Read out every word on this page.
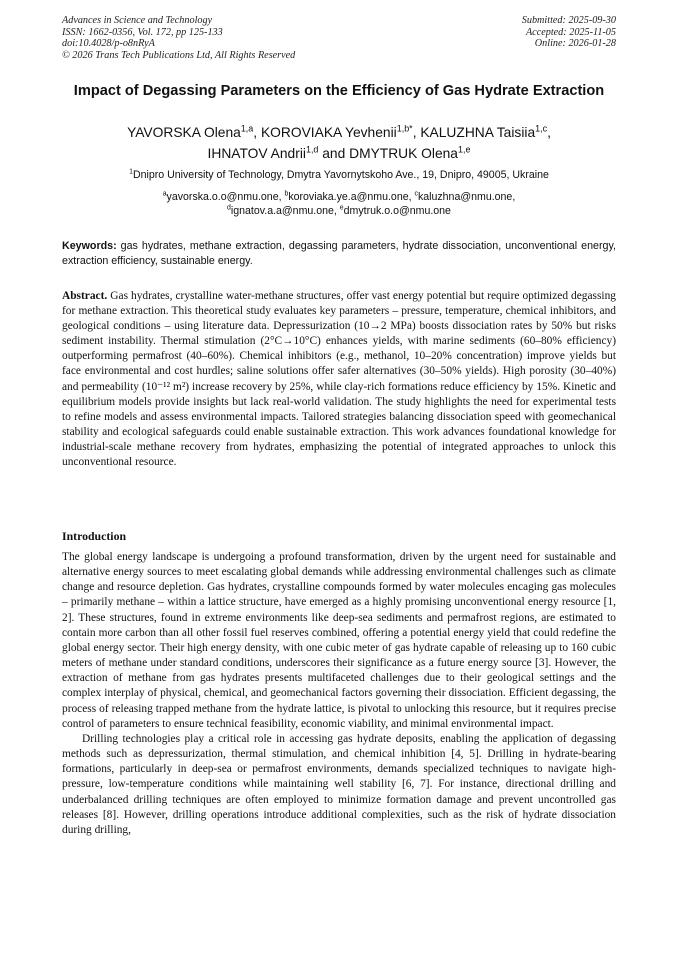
Advances in Science and Technology
ISSN: 1662-0356, Vol. 172, pp 125-133
doi:10.4028/p-o8nRyA
© 2026 Trans Tech Publications Ltd, All Rights Reserved
Submitted: 2025-09-30
Accepted: 2025-11-05
Online: 2026-01-28
Impact of Degassing Parameters on the Efficiency of Gas Hydrate Extraction
YAVORSKA Olena$^{1,a}$, KOROVIAKA Yevhenii$^{1,b*}$, KALUZHNA Taisiia$^{1,c}$,
IHNATOV Andrii$^{1,d}$ and DMYTRUK Olena$^{1,e}$
$^1$Dnipro University of Technology, Dmytra Yavornytskoho Ave., 19, Dnipro, 49005, Ukraine
$^a$yavorska.o.o@nmu.one, $^b$koroviaka.ye.a@nmu.one, $^c$kaluzhna@nmu.one,
$^d$ignatov.a.a@nmu.one, $^e$dmytruk.o.o@nmu.one
Keywords: gas hydrates, methane extraction, degassing parameters, hydrate dissociation, unconventional energy, extraction efficiency, sustainable energy.
Abstract. Gas hydrates, crystalline water-methane structures, offer vast energy potential but require optimized degassing for methane extraction. This theoretical study evaluates key parameters – pressure, temperature, chemical inhibitors, and geological conditions – using literature data. Depressurization (10→2 MPa) boosts dissociation rates by 50% but risks sediment instability. Thermal stimulation (2°C→10°C) enhances yields, with marine sediments (60–80% efficiency) outperforming permafrost (40–60%). Chemical inhibitors (e.g., methanol, 10–20% concentration) improve yields but face environmental and cost hurdles; saline solutions offer safer alternatives (30–50% yields). High porosity (30–40%) and permeability (10⁻¹² m²) increase recovery by 25%, while clay-rich formations reduce efficiency by 15%. Kinetic and equilibrium models provide insights but lack real-world validation. The study highlights the need for experimental tests to refine models and assess environmental impacts. Tailored strategies balancing dissociation speed with geomechanical stability and ecological safeguards could enable sustainable extraction. This work advances foundational knowledge for industrial-scale methane recovery from hydrates, emphasizing the potential of integrated approaches to unlock this unconventional resource.
Introduction

The global energy landscape is undergoing a profound transformation, driven by the urgent need for sustainable and alternative energy sources to meet escalating global demands while addressing environmental challenges such as climate change and resource depletion. Gas hydrates, crystalline compounds formed by water molecules encaging gas molecules – primarily methane – within a lattice structure, have emerged as a highly promising unconventional energy resource [1, 2]. These structures, found in extreme environments like deep-sea sediments and permafrost regions, are estimated to contain more carbon than all other fossil fuel reserves combined, offering a potential energy yield that could redefine the global energy sector. Their high energy density, with one cubic meter of gas hydrate capable of releasing up to 160 cubic meters of methane under standard conditions, underscores their significance as a future energy source [3]. However, the extraction of methane from gas hydrates presents multifaceted challenges due to their geological settings and the complex interplay of physical, chemical, and geomechanical factors governing their dissociation. Efficient degassing, the process of releasing trapped methane from the hydrate lattice, is pivotal to unlocking this resource, but it requires precise control of parameters to ensure technical feasibility, economic viability, and minimal environmental impact.

Drilling technologies play a critical role in accessing gas hydrate deposits, enabling the application of degassing methods such as depressurization, thermal stimulation, and chemical inhibition [4, 5]. Drilling in hydrate-bearing formations, particularly in deep-sea or permafrost environments, demands specialized techniques to navigate high-pressure, low-temperature conditions while maintaining well stability [6, 7]. For instance, directional drilling and underbalanced drilling techniques are often employed to minimize formation damage and prevent uncontrolled gas releases [8]. However, drilling operations introduce additional complexities, such as the risk of hydrate dissociation during drilling,
